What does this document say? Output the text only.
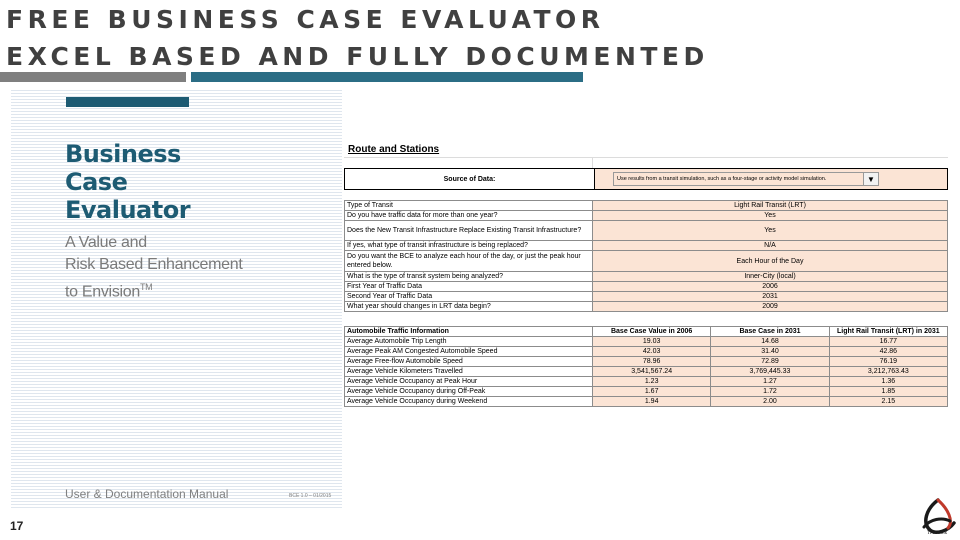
FREE BUSINESS CASE EVALUATOR
EXCEL BASED AND FULLY DOCUMENTED
Business
Case
Evaluator
A Value and
Risk Based Enhancement
to Envision™
User & Documentation Manual	BCE 1.0 – 01/2015
Route and Stations
Source of Data:	Use results from a transit simulation, such as a four-stage or activity model simulation.	▼
Type of Transit	Light Rail Transit (LRT)
Do you have traffic data for more than one year?	Yes
Does the New Transit Infrastructure Replace Existing Transit Infrastructure?	Yes
If yes, what type of transit infrastructure is being replaced?	N/A
Do you want the BCE to analyze each hour of the day, or just the peak hour entered below.	Each Hour of the Day
What is the type of transit system being analyzed?	Inner-City (local)
First Year of Traffic Data	2006
Second Year of Traffic Data	2031
What year should changes in LRT data begin?	2009
Automobile Traffic Information	Base Case Value in 2006	Base Case in 2031	Light Rail Transit (LRT) in 2031
Average Automobile Trip Length	19.03	14.68	16.77
Average Peak AM Congested Automobile Speed	42.03	31.40	42.86
Average Free-flow Automobile Speed	78.96	72.89	76.19
Average Vehicle Kilometers Travelled	3,541,567.24	3,769,445.33	3,212,763.43
Average Vehicle Occupancy at Peak Hour	1.23	1.27	1.36
Average Vehicle Occupancy during Off-Peak	1.67	1.72	1.85
Average Vehicle Occupancy during Weekend	1.94	2.00	2.15
17
TPH Link
